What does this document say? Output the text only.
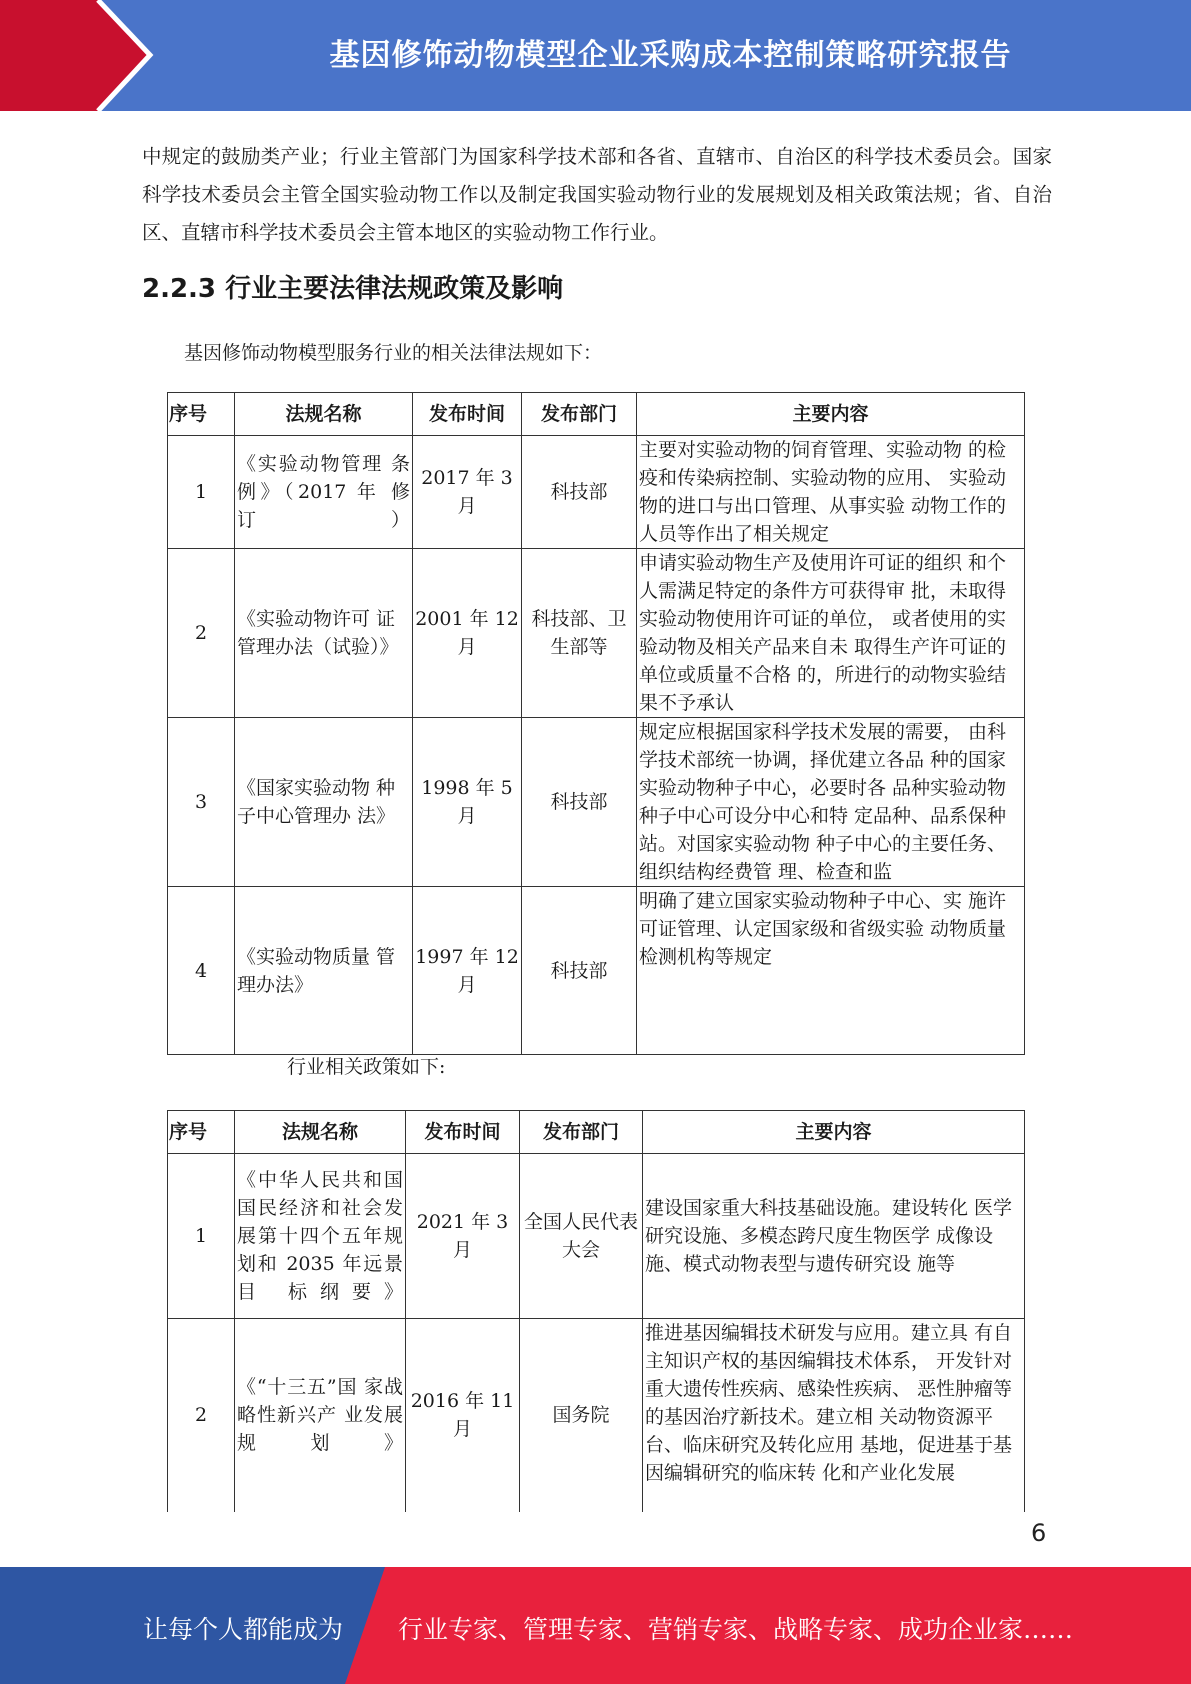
基因修饰动物模型企业采购成本控制策略研究报告
中规定的鼓励类产业；行业主管部门为国家科学技术部和各省、直辖市、自治区的科学技术委员会。国家科学技术委员会主管全国实验动物工作以及制定我国实验动物行业的发展规划及相关政策法规；省、自治区、直辖市科学技术委员会主管本地区的实验动物工作行业。
2.2.3 行业主要法律法规政策及影响
基因修饰动物模型服务行业的相关法律法规如下：
序号	法规名称	发布时间	发布部门	主要内容
1	《实验动物管理 条例》（2017 年 修订）	2017 年 3 月	科技部	主要对实验动物的饲育管理、实验动物 的检疫和传染病控制、实验动物的应用、 实验动物的进口与出口管理、从事实验 动物工作的人员等作出了相关规定
2	《实验动物许可 证管理办法（试验）》	2001 年 12 月	科技部、卫生部等	申请实验动物生产及使用许可证的组织 和个人需满足特定的条件方可获得审 批，未取得实验动物使用许可证的单位， 或者使用的实验动物及相关产品来自未 取得生产许可证的单位或质量不合格 的，所进行的动物实验结果不予承认
3	《国家实验动物 种子中心管理办 法》	1998 年 5 月	科技部	规定应根据国家科学技术发展的需要， 由科学技术部统一协调，择优建立各品 种的国家实验动物种子中心，必要时各 品种实验动物种子中心可设分中心和特 定品种、品系保种站。对国家实验动物 种子中心的主要任务、组织结构经费管 理、检查和监
4	《实验动物质量 管理办法》	1997 年 12 月	科技部	明确了建立国家实验动物种子中心、实 施许可证管理、认定国家级和省级实验 动物质量检测机构等规定
行业相关政策如下:
序号	法规名称	发布时间	发布部门	主要内容
1	《中华人民共和国国民经济和社会发展第十四个五年规划和 2035 年远景目 标纲要》	2021 年 3 月	全国人民代表大会	建设国家重大科技基础设施。建设转化 医学研究设施、多模态跨尺度生物医学 成像设施、模式动物表型与遗传研究设 施等
2	《“十三五”国 家战略性新兴产 业发展规划》	2016 年 11 月	国务院	推进基因编辑技术研发与应用。建立具 有自主知识产权的基因编辑技术体系， 开发针对重大遗传性疾病、感染性疾病、 恶性肿瘤等的基因治疗新技术。建立相 关动物资源平台、临床研究及转化应用 基地，促进基于基因编辑研究的临床转 化和产业化发展
6
让每个人都能成为 行业专家、管理专家、营销专家、战略专家、成功企业家……
